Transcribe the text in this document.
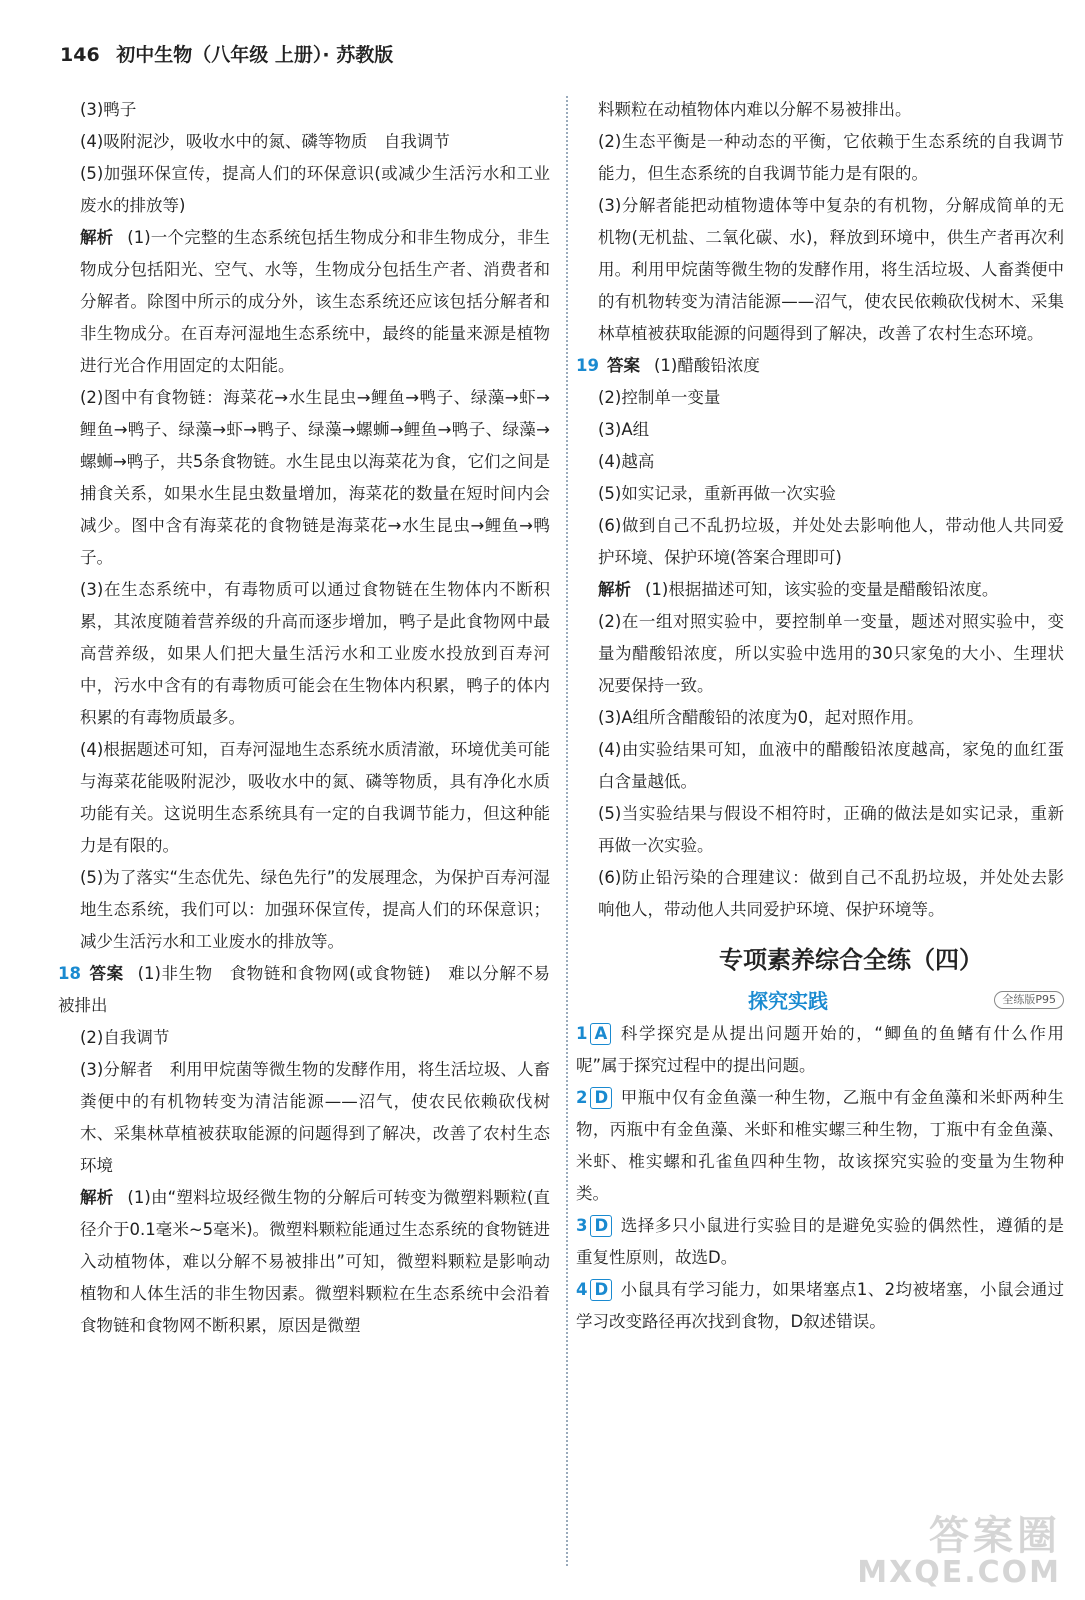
146 初中生物（八年级 上册）· 苏教版

(3)鸭子

(4)吸附泥沙，吸收水中的氮、磷等物质　自我调节

(5)加强环保宣传，提高人们的环保意识(或减少生活污水和工业废水的排放等)

解析 (1)一个完整的生态系统包括生物成分和非生物成分，非生物成分包括阳光、空气、水等，生物成分包括生产者、消费者和分解者。除图中所示的成分外，该生态系统还应该包括分解者和非生物成分。在百寿河湿地生态系统中，最终的能量来源是植物进行光合作用固定的太阳能。

(2)图中有食物链：海菜花→水生昆虫→鲤鱼→鸭子、绿藻→虾→鲤鱼→鸭子、绿藻→虾→鸭子、绿藻→螺蛳→鲤鱼→鸭子、绿藻→螺蛳→鸭子，共5条食物链。水生昆虫以海菜花为食，它们之间是捕食关系，如果水生昆虫数量增加，海菜花的数量在短时间内会减少。图中含有海菜花的食物链是海菜花→水生昆虫→鲤鱼→鸭子。

(3)在生态系统中，有毒物质可以通过食物链在生物体内不断积累，其浓度随着营养级的升高而逐步增加，鸭子是此食物网中最高营养级，如果人们把大量生活污水和工业废水投放到百寿河中，污水中含有的有毒物质可能会在生物体内积累，鸭子的体内积累的有毒物质最多。

(4)根据题述可知，百寿河湿地生态系统水质清澈，环境优美可能与海菜花能吸附泥沙，吸收水中的氮、磷等物质，具有净化水质功能有关。这说明生态系统具有一定的自我调节能力，但这种能力是有限的。

(5)为了落实“生态优先、绿色先行”的发展理念，为保护百寿河湿地生态系统，我们可以：加强环保宣传，提高人们的环保意识；减少生活污水和工业废水的排放等。

18 答案 (1)非生物　食物链和食物网(或食物链)　难以分解不易被排出

(2)自我调节

(3)分解者　利用甲烷菌等微生物的发酵作用，将生活垃圾、人畜粪便中的有机物转变为清洁能源——沼气，使农民依赖砍伐树木、采集林草植被获取能源的问题得到了解决，改善了农村生态环境

解析 (1)由“塑料垃圾经微生物的分解后可转变为微塑料颗粒(直径介于0.1毫米~5毫米)。微塑料颗粒能通过生态系统的食物链进入动植物体，难以分解不易被排出”可知，微塑料颗粒是影响动植物和人体生活的非生物因素。微塑料颗粒在生态系统中会沿着食物链和食物网不断积累，原因是微塑

料颗粒在动植物体内难以分解不易被排出。

(2)生态平衡是一种动态的平衡，它依赖于生态系统的自我调节能力，但生态系统的自我调节能力是有限的。

(3)分解者能把动植物遗体等中复杂的有机物，分解成简单的无机物(无机盐、二氧化碳、水)，释放到环境中，供生产者再次利用。利用甲烷菌等微生物的发酵作用，将生活垃圾、人畜粪便中的有机物转变为清洁能源——沼气，使农民依赖砍伐树木、采集林草植被获取能源的问题得到了解决，改善了农村生态环境。

19 答案 (1)醋酸铅浓度

(2)控制单一变量

(3)A组

(4)越高

(5)如实记录，重新再做一次实验

(6)做到自己不乱扔垃圾，并处处去影响他人，带动他人共同爱护环境、保护环境(答案合理即可)

解析 (1)根据描述可知，该实验的变量是醋酸铅浓度。

(2)在一组对照实验中，要控制单一变量，题述对照实验中，变量为醋酸铅浓度，所以实验中选用的30只家兔的大小、生理状况要保持一致。

(3)A组所含醋酸铅的浓度为0，起对照作用。

(4)由实验结果可知，血液中的醋酸铅浓度越高，家兔的血红蛋白含量越低。

(5)当实验结果与假设不相符时，正确的做法是如实记录，重新再做一次实验。

(6)防止铅污染的合理建议：做到自己不乱扔垃圾，并处处去影响他人，带动他人共同爱护环境、保护环境等。

专项素养综合全练（四）
探究实践	全练版P95

1 A 科学探究是从提出问题开始的，“鲫鱼的鱼鳍有什么作用呢”属于探究过程中的提出问题。

2 D 甲瓶中仅有金鱼藻一种生物，乙瓶中有金鱼藻和米虾两种生物，丙瓶中有金鱼藻、米虾和椎实螺三种生物，丁瓶中有金鱼藻、米虾、椎实螺和孔雀鱼四种生物，故该探究实验的变量为生物种类。

3 D 选择多只小鼠进行实验目的是避免实验的偶然性，遵循的是重复性原则，故选D。

4 D 小鼠具有学习能力，如果堵塞点1、2均被堵塞，小鼠会通过学习改变路径再次找到食物，D叙述错误。

答案圈
MXQE.COM
